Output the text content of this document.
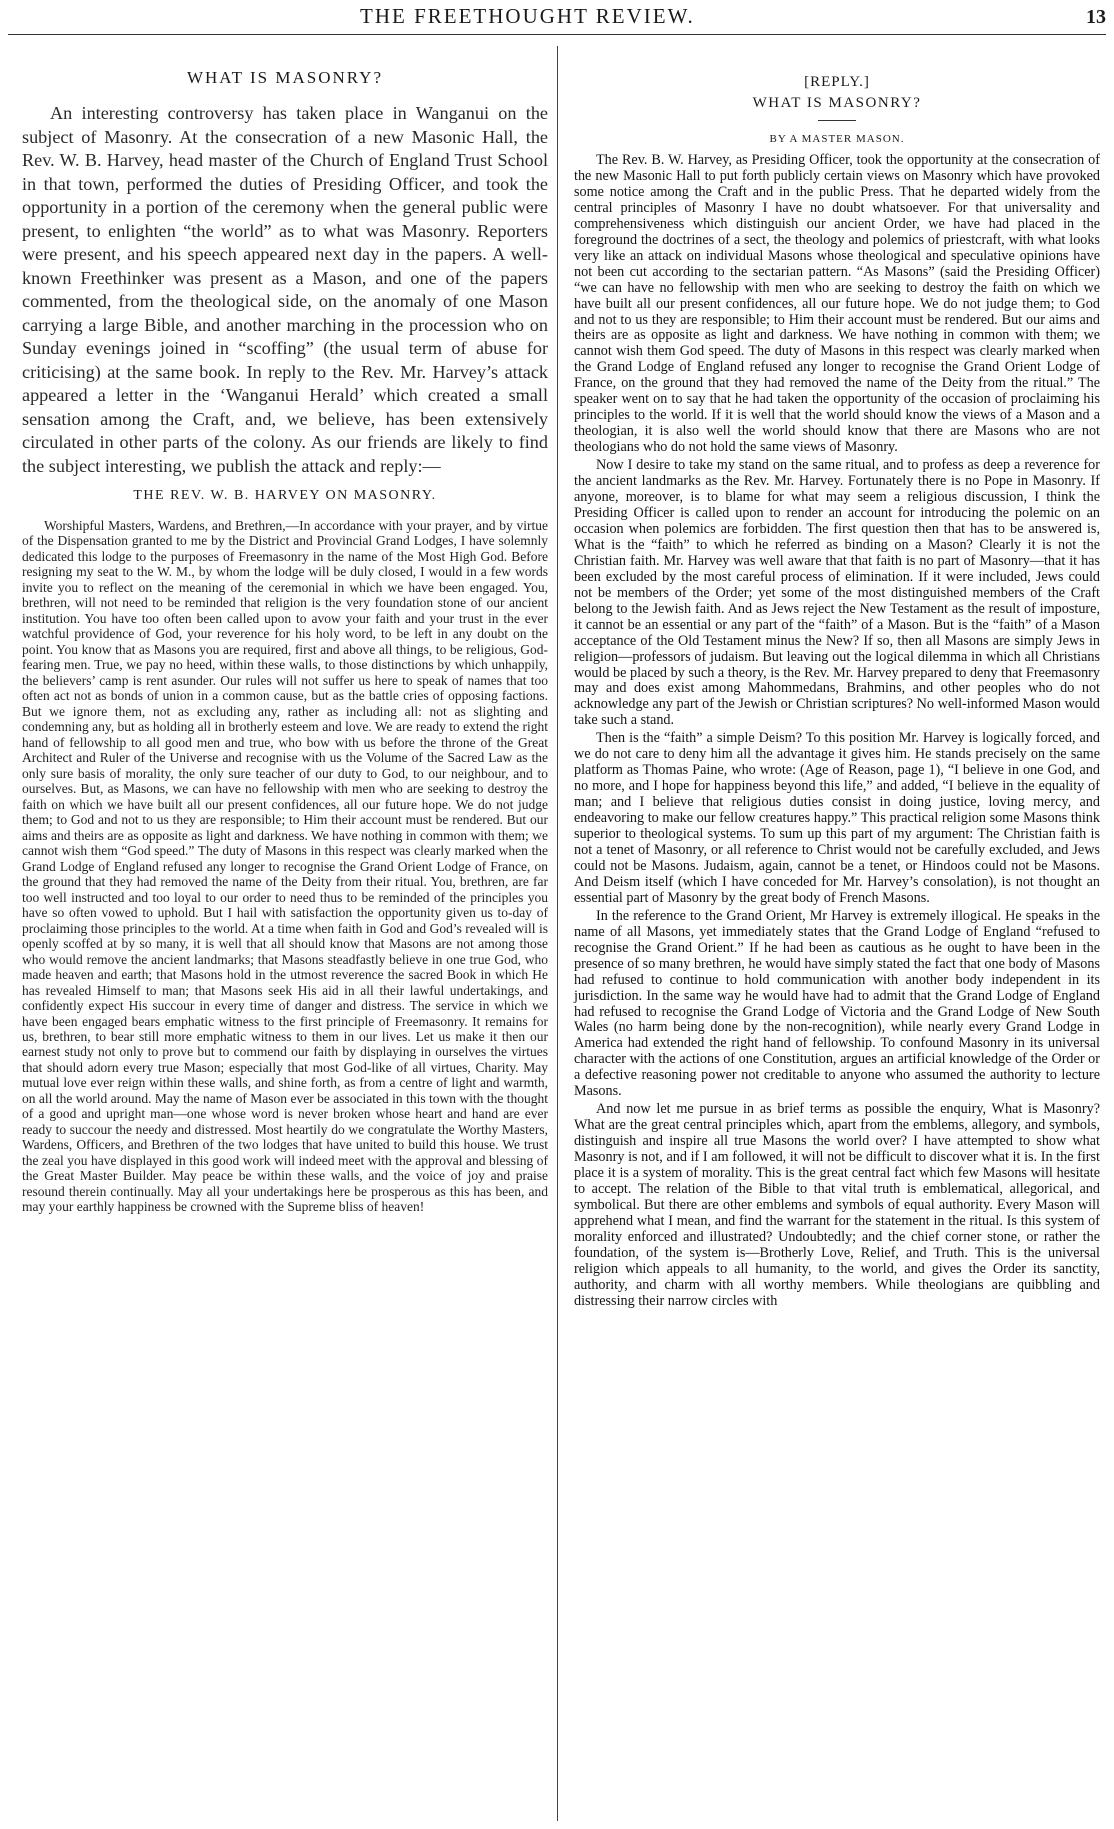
THE FREETHOUGHT REVIEW.	13
WHAT IS MASONRY?

An interesting controversy has taken place in Wanganui on the subject of Masonry. At the consecration of a new Masonic Hall, the Rev. W. B. Harvey, head master of the Church of England Trust School in that town, performed the duties of Presiding Officer, and took the opportunity in a portion of the ceremony when the general public were present, to enlighten “the world” as to what was Masonry. Reporters were present, and his speech appeared next day in the papers. A well-known Freethinker was present as a Mason, and one of the papers commented, from the theological side, on the anomaly of one Mason carrying a large Bible, and another marching in the procession who on Sunday evenings joined in “scoffing” (the usual term of abuse for criticising) at the same book. In reply to the Rev. Mr. Harvey’s attack appeared a letter in the ‘Wanganui Herald’ which created a small sensation among the Craft, and, we believe, has been extensively circulated in other parts of the colony. As our friends are likely to find the subject interesting, we publish the attack and reply:—

THE REV. W. B. HARVEY ON MASONRY.

Worshipful Masters, Wardens, and Brethren,—In accordance with your prayer, and by virtue of the Dispensation granted to me by the District and Provincial Grand Lodges, I have solemnly dedicated this lodge to the purposes of Freemasonry in the name of the Most High God. Before resigning my seat to the W. M., by whom the lodge will be duly closed, I would in a few words invite you to reflect on the meaning of the ceremonial in which we have been engaged. You, brethren, will not need to be reminded that religion is the very foundation stone of our ancient institution. You have too often been called upon to avow your faith and your trust in the ever watchful providence of God, your reverence for his holy word, to be left in any doubt on the point. You know that as Masons you are required, first and above all things, to be religious, God-fearing men. True, we pay no heed, within these walls, to those distinctions by which unhappily, the believers’ camp is rent asunder. Our rules will not suffer us here to speak of names that too often act not as bonds of union in a common cause, but as the battle cries of opposing factions. But we ignore them, not as excluding any, rather as including all: not as slighting and condemning any, but as holding all in brotherly esteem and love. We are ready to extend the right hand of fellowship to all good men and true, who bow with us before the throne of the Great Architect and Ruler of the Universe and recognise with us the Volume of the Sacred Law as the only sure basis of morality, the only sure teacher of our duty to God, to our neighbour, and to ourselves. But, as Masons, we can have no fellowship with men who are seeking to destroy the faith on which we have built all our present confidences, all our future hope. We do not judge them; to God and not to us they are responsible; to Him their account must be rendered. But our aims and theirs are as opposite as light and darkness. We have nothing in common with them; we cannot wish them “God speed.” The duty of Masons in this respect was clearly marked when the Grand Lodge of England refused any longer to recognise the Grand Orient Lodge of France, on the ground that they had removed the name of the Deity from their ritual. You, brethren, are far too well instructed and too loyal to our order to need thus to be reminded of the principles you have so often vowed to uphold. But I hail with satisfaction the opportunity given us to-day of proclaiming those principles to the world. At a time when faith in God and God’s revealed will is openly scoffed at by so many, it is well that all should know that Masons are not among those who would remove the ancient landmarks; that Masons steadfastly believe in one true God, who made heaven and earth; that Masons hold in the utmost reverence the sacred Book in which He has revealed Himself to man; that Masons seek His aid in all their lawful undertakings, and confidently expect His succour in every time of danger and distress. The service in which we have been engaged bears emphatic witness to the first principle of Freemasonry. It remains for us, brethren, to bear still more emphatic witness to them in our lives. Let us make it then our earnest study not only to prove but to commend our faith by displaying in ourselves the virtues that should adorn every true Mason; especially that most God-like of all virtues, Charity. May mutual love ever reign within these walls, and shine forth, as from a centre of light and warmth, on all the world around. May the name of Mason ever be associated in this town with the thought of a good and upright man—one whose word is never broken whose heart and hand are ever ready to succour the needy and distressed. Most heartily do we congratulate the Worthy Masters, Wardens, Officers, and Brethren of the two lodges that have united to build this house. We trust the zeal you have displayed in this good work will indeed meet with the approval and blessing of the Great Master Builder. May peace be within these walls, and the voice of joy and praise resound therein continually. May all your undertakings here be prosperous as this has been, and may your earthly happiness be crowned with the Supreme bliss of heaven!

[REPLY.]
WHAT IS MASONRY?
BY A MASTER MASON.

The Rev. B. W. Harvey, as Presiding Officer, took the opportunity at the consecration of the new Masonic Hall to put forth publicly certain views on Masonry which have provoked some notice among the Craft and in the public Press. That he departed widely from the central principles of Masonry I have no doubt whatsoever. For that universality and comprehensiveness which distinguish our ancient Order, we have had placed in the foreground the doctrines of a sect, the theology and polemics of priestcraft, with what looks very like an attack on individual Masons whose theological and speculative opinions have not been cut according to the sectarian pattern. “As Masons” (said the Presiding Officer) “we can have no fellowship with men who are seeking to destroy the faith on which we have built all our present confidences, all our future hope. We do not judge them; to God and not to us they are responsible; to Him their account must be rendered. But our aims and theirs are as opposite as light and darkness. We have nothing in common with them; we cannot wish them God speed. The duty of Masons in this respect was clearly marked when the Grand Lodge of England refused any longer to recognise the Grand Orient Lodge of France, on the ground that they had removed the name of the Deity from the ritual.” The speaker went on to say that he had taken the opportunity of the occasion of proclaiming his principles to the world. If it is well that the world should know the views of a Mason and a theologian, it is also well the world should know that there are Masons who are not theologians who do not hold the same views of Masonry.

Now I desire to take my stand on the same ritual, and to profess as deep a reverence for the ancient landmarks as the Rev. Mr. Harvey. Fortunately there is no Pope in Masonry. If anyone, moreover, is to blame for what may seem a religious discussion, I think the Presiding Officer is called upon to render an account for introducing the polemic on an occasion when polemics are forbidden. The first question then that has to be answered is, What is the “faith” to which he referred as binding on a Mason? Clearly it is not the Christian faith. Mr. Harvey was well aware that that faith is no part of Masonry—that it has been excluded by the most careful process of elimination. If it were included, Jews could not be members of the Order; yet some of the most distinguished members of the Craft belong to the Jewish faith. And as Jews reject the New Testament as the result of imposture, it cannot be an essential or any part of the “faith” of a Mason. But is the “faith” of a Mason acceptance of the Old Testament minus the New? If so, then all Masons are simply Jews in religion—professors of judaism. But leaving out the logical dilemma in which all Christians would be placed by such a theory, is the Rev. Mr. Harvey prepared to deny that Freemasonry may and does exist among Mahommedans, Brahmins, and other peoples who do not acknowledge any part of the Jewish or Christian scriptures? No well-informed Mason would take such a stand.

Then is the “faith” a simple Deism? To this position Mr. Harvey is logically forced, and we do not care to deny him all the advantage it gives him. He stands precisely on the same platform as Thomas Paine, who wrote: (Age of Reason, page 1), “I believe in one God, and no more, and I hope for happiness beyond this life,” and added, “I believe in the equality of man; and I believe that religious duties consist in doing justice, loving mercy, and endeavoring to make our fellow creatures happy.” This practical religion some Masons think superior to theological systems. To sum up this part of my argument: The Christian faith is not a tenet of Masonry, or all reference to Christ would not be carefully excluded, and Jews could not be Masons. Judaism, again, cannot be a tenet, or Hindoos could not be Masons. And Deism itself (which I have conceded for Mr. Harvey’s consolation), is not thought an essential part of Masonry by the great body of French Masons.

In the reference to the Grand Orient, Mr Harvey is extremely illogical. He speaks in the name of all Masons, yet immediately states that the Grand Lodge of England “refused to recognise the Grand Orient.” If he had been as cautious as he ought to have been in the presence of so many brethren, he would have simply stated the fact that one body of Masons had refused to continue to hold communication with another body independent in its jurisdiction. In the same way he would have had to admit that the Grand Lodge of England had refused to recognise the Grand Lodge of Victoria and the Grand Lodge of New South Wales (no harm being done by the non-recognition), while nearly every Grand Lodge in America had extended the right hand of fellowship. To confound Masonry in its universal character with the actions of one Constitution, argues an artificial knowledge of the Order or a defective reasoning power not creditable to anyone who assumed the authority to lecture Masons.

And now let me pursue in as brief terms as possible the enquiry, What is Masonry? What are the great central principles which, apart from the emblems, allegory, and symbols, distinguish and inspire all true Masons the world over? I have attempted to show what Masonry is not, and if I am followed, it will not be difficult to discover what it is. In the first place it is a system of morality. This is the great central fact which few Masons will hesitate to accept. The relation of the Bible to that vital truth is emblematical, allegorical, and symbolical. But there are other emblems and symbols of equal authority. Every Mason will apprehend what I mean, and find the warrant for the statement in the ritual. Is this system of morality enforced and illustrated? Undoubtedly; and the chief corner stone, or rather the foundation, of the system is—Brotherly Love, Relief, and Truth. This is the universal religion which appeals to all humanity, to the world, and gives the Order its sanctity, authority, and charm with all worthy members. While theologians are quibbling and distressing their narrow circles with
